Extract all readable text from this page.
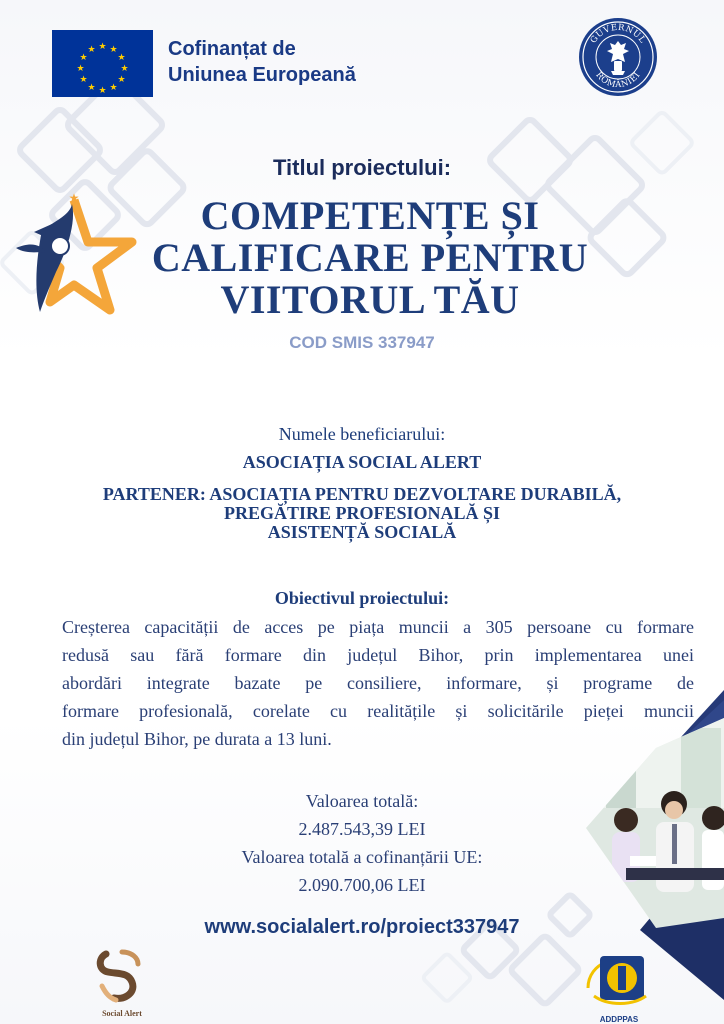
★ ★
★
★
★
★
★
★
★
★
★
★	Cofinanțat de
Uniunea Europeană
GUVERNUL
ROMÂNIEI
★
Titlul proiectului:
COMPETENȚE ȘI
CALIFICARE PENTRU
VIITORUL TĂU
COD SMIS 337947
Numele beneficiarului:
ASOCIAȚIA SOCIAL ALERT
PARTENER: ASOCIAȚIA PENTRU DEZVOLTARE DURABILĂ,
PREGĂTIRE PROFESIONALĂ ȘI
ASISTENȚĂ SOCIALĂ
Obiectivul proiectului:
Creșterea capacității de acces pe piața muncii a 305 persoane cu formare
redusă sau fără formare din județul Bihor, prin implementarea unei
abordări integrate bazate pe consiliere, informare, și programe de
formare profesională, corelate cu realitățile și solicitările pieței muncii
din județul Bihor, pe durata a 13 luni.
Valoarea totală:
2.487.543,39 LEI
Valoarea totală a cofinanțării UE:
2.090.700,06 LEI
www.socialalert.ro/proiect337947
Social Alert
ADDPPAS
